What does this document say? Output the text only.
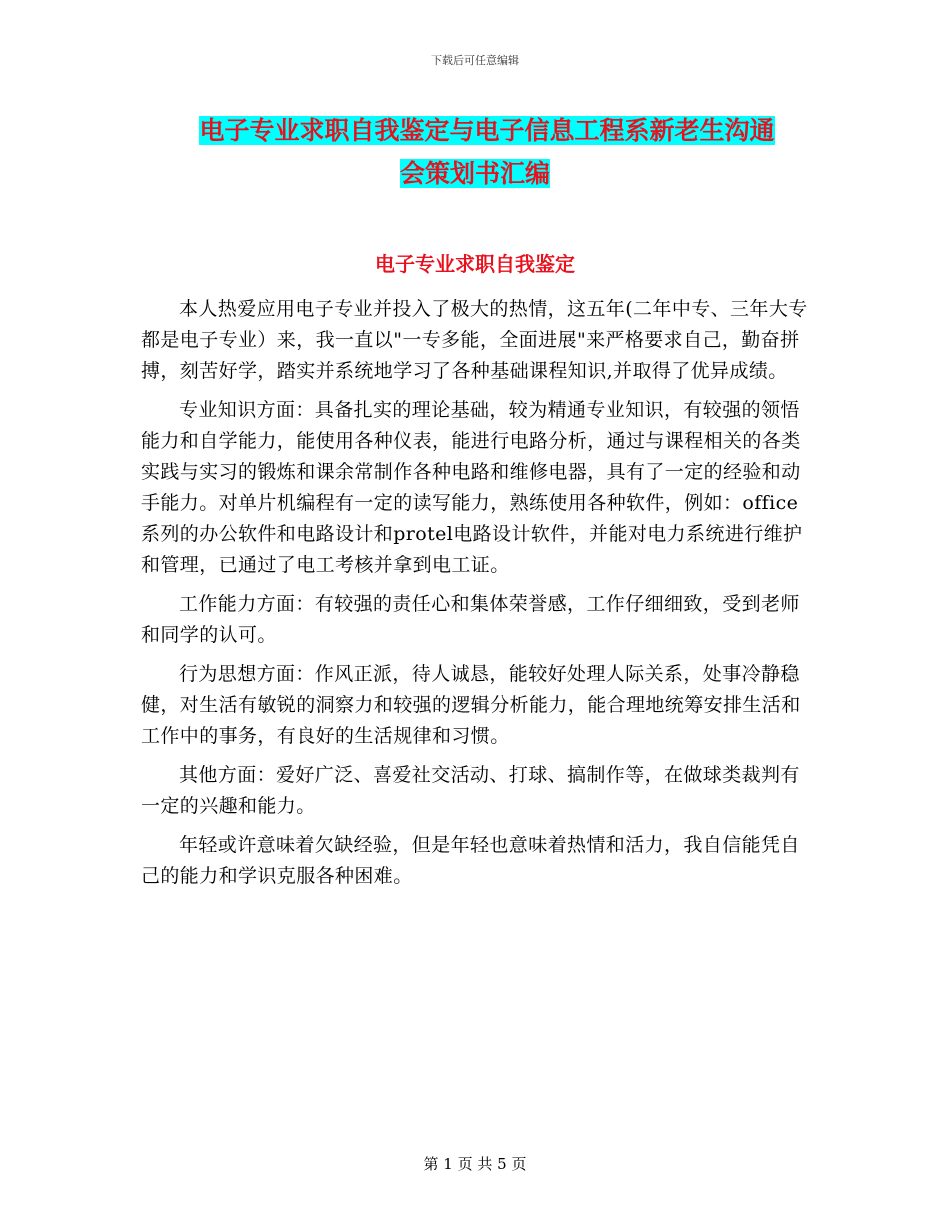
下载后可任意编辑
电子专业求职自我鉴定与电子信息工程系新老生沟通
会策划书汇编
电子专业求职自我鉴定

本人热爱应用电子专业并投入了极大的热情，这五年(二年中专、三年大专都是电子专业）来，我一直以"一专多能，全面进展"来严格要求自己，勤奋拼搏，刻苦好学，踏实并系统地学习了各种基础课程知识,并取得了优异成绩。

专业知识方面：具备扎实的理论基础，较为精通专业知识，有较强的领悟能力和自学能力，能使用各种仪表，能进行电路分析，通过与课程相关的各类实践与实习的锻炼和课余常制作各种电路和维修电器，具有了一定的经验和动手能力。对单片机编程有一定的读写能力，熟练使用各种软件，例如：office系列的办公软件和电路设计和protel电路设计软件，并能对电力系统进行维护和管理，已通过了电工考核并拿到电工证。

工作能力方面：有较强的责任心和集体荣誉感，工作仔细细致，受到老师和同学的认可。

行为思想方面：作风正派，待人诚恳，能较好处理人际关系，处事冷静稳健，对生活有敏锐的洞察力和较强的逻辑分析能力，能合理地统筹安排生活和工作中的事务，有良好的生活规律和习惯。

其他方面：爱好广泛、喜爱社交活动、打球、搞制作等，在做球类裁判有一定的兴趣和能力。

年轻或许意味着欠缺经验，但是年轻也意味着热情和活力，我自信能凭自己的能力和学识克服各种困难。

第 1 页 共 5 页
